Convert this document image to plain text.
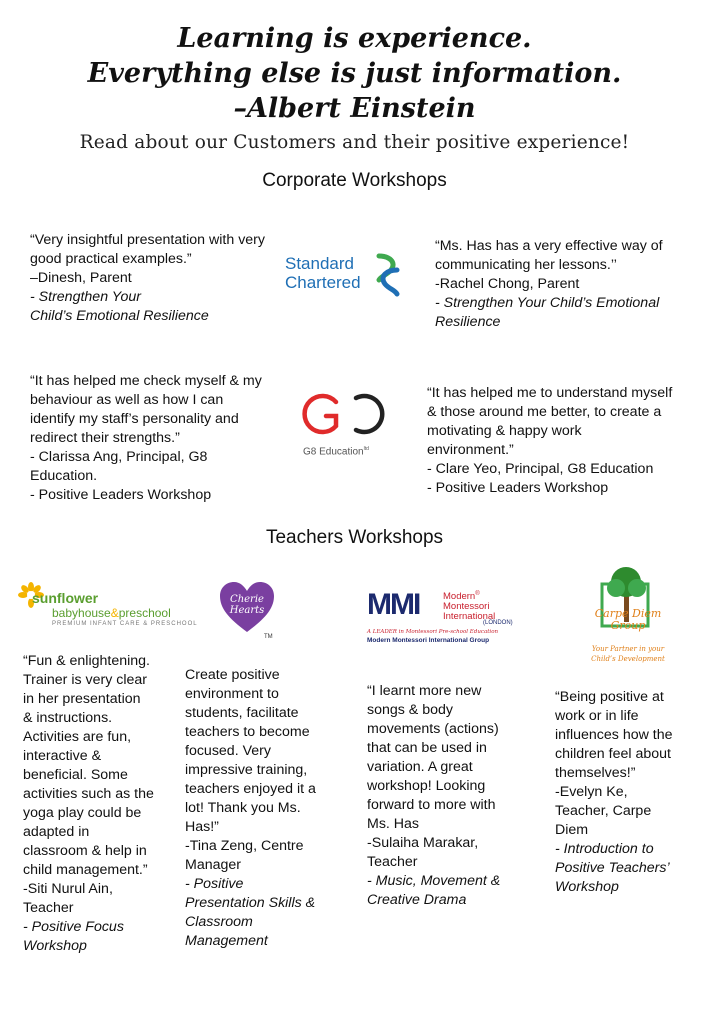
Learning is experience.
Everything else is just information.
–Albert Einstein
Read about our Customers and their positive experience!
Corporate Workshops
“Very insightful presentation with very
good practical examples.”
–Dinesh, Parent
- Strengthen Your
Child’s Emotional Resilience
Standard
Chartered
“Ms. Has has a very effective way of
communicating her lessons.’’
-Rachel Chong, Parent
- Strengthen Your Child’s Emotional
Resilience
“It has helped me check myself & my
behaviour as well as how I can
identify my staff’s personality and
redirect their strengths.”
- Clarissa Ang, Principal, G8
Education.
- Positive Leaders Workshop
G8 Education$^{ltd}$
“It has helped me to understand myself
& those around me better, to create a
motivating & happy work
environment.”
- Clare Yeo, Principal, G8 Education
- Positive Leaders Workshop
Teachers Workshops
sunflower
babyhouse&preschool
PREMIUM INFANT CARE & PRESCHOOL
Cherie
Hearts
TM
MMI Modern®
Montessori
International
(LONDON)
A LEADER in Montessori Pre-school Education
Modern Montessori International Group
Carpe Diem
Group
Your Partner in your
Child’s Development
“Fun & enlightening.
Trainer is very clear
in her presentation
& instructions.
Activities are fun,
interactive &
beneficial. Some
activities such as the
yoga play could be
adapted in
classroom & help in
child management.”
-Siti Nurul Ain,
Teacher
- Positive Focus
Workshop
Create positive
environment to
students, facilitate
teachers to become
focused. Very
impressive training,
teachers enjoyed it a
lot! Thank you Ms.
Has!”
-Tina Zeng, Centre
Manager
- Positive
Presentation Skills &
Classroom
Management
“I learnt more new
songs & body
movements (actions)
that can be used in
variation. A great
workshop! Looking
forward to more with
Ms. Has
-Sulaiha Marakar,
Teacher
- Music, Movement &
Creative Drama
“Being positive at
work or in life
influences how the
children feel about
themselves!”
-Evelyn Ke,
Teacher, Carpe
Diem
- Introduction to
Positive Teachers’
Workshop
